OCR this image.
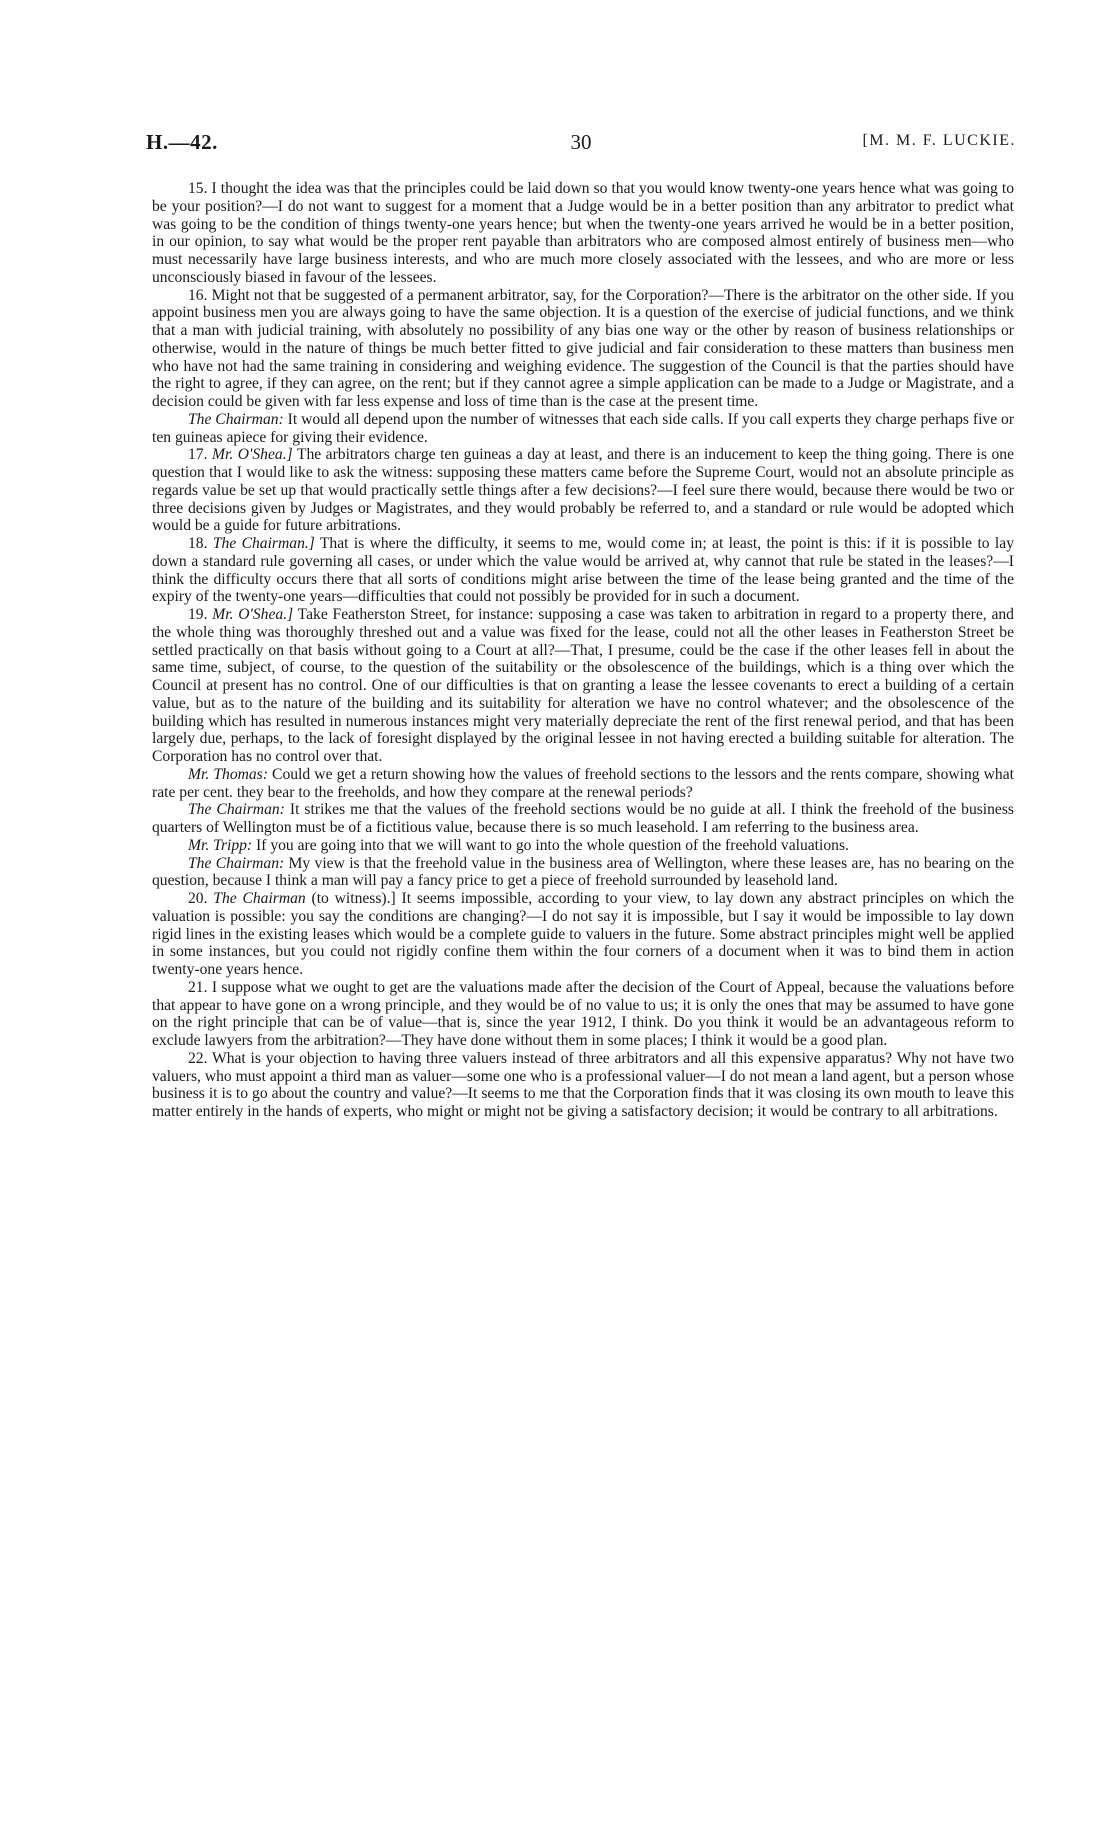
H.—42.	30	[M. M. F. LUCKIE.

15. I thought the idea was that the principles could be laid down so that you would know twenty-one years hence what was going to be your position?—I do not want to suggest for a moment that a Judge would be in a better position than any arbitrator to predict what was going to be the condition of things twenty-one years hence; but when the twenty-one years arrived he would be in a better position, in our opinion, to say what would be the proper rent payable than arbitrators who are composed almost entirely of business men—who must necessarily have large business interests, and who are much more closely associated with the lessees, and who are more or less unconsciously biased in favour of the lessees.

16. Might not that be suggested of a permanent arbitrator, say, for the Corporation?—There is the arbitrator on the other side. If you appoint business men you are always going to have the same objection. It is a question of the exercise of judicial functions, and we think that a man with judicial training, with absolutely no possibility of any bias one way or the other by reason of business relationships or otherwise, would in the nature of things be much better fitted to give judicial and fair consideration to these matters than business men who have not had the same training in considering and weighing evidence. The suggestion of the Council is that the parties should have the right to agree, if they can agree, on the rent; but if they cannot agree a simple application can be made to a Judge or Magistrate, and a decision could be given with far less expense and loss of time than is the case at the present time.

The Chairman: It would all depend upon the number of witnesses that each side calls. If you call experts they charge perhaps five or ten guineas apiece for giving their evidence.

17. Mr. O'Shea.] The arbitrators charge ten guineas a day at least, and there is an inducement to keep the thing going. There is one question that I would like to ask the witness: supposing these matters came before the Supreme Court, would not an absolute principle as regards value be set up that would practically settle things after a few decisions?—I feel sure there would, because there would be two or three decisions given by Judges or Magistrates, and they would probably be referred to, and a standard or rule would be adopted which would be a guide for future arbitrations.

18. The Chairman.] That is where the difficulty, it seems to me, would come in; at least, the point is this: if it is possible to lay down a standard rule governing all cases, or under which the value would be arrived at, why cannot that rule be stated in the leases?—I think the difficulty occurs there that all sorts of conditions might arise between the time of the lease being granted and the time of the expiry of the twenty-one years—difficulties that could not possibly be provided for in such a document.

19. Mr. O'Shea.] Take Featherston Street, for instance: supposing a case was taken to arbitration in regard to a property there, and the whole thing was thoroughly threshed out and a value was fixed for the lease, could not all the other leases in Featherston Street be settled practically on that basis without going to a Court at all?—That, I presume, could be the case if the other leases fell in about the same time, subject, of course, to the question of the suitability or the obsolescence of the buildings, which is a thing over which the Council at present has no control. One of our difficulties is that on granting a lease the lessee covenants to erect a building of a certain value, but as to the nature of the building and its suitability for alteration we have no control whatever; and the obsolescence of the building which has resulted in numerous instances might very materially depreciate the rent of the first renewal period, and that has been largely due, perhaps, to the lack of foresight displayed by the original lessee in not having erected a building suitable for alteration. The Corporation has no control over that.

Mr. Thomas: Could we get a return showing how the values of freehold sections to the lessors and the rents compare, showing what rate per cent. they bear to the freeholds, and how they compare at the renewal periods?

The Chairman: It strikes me that the values of the freehold sections would be no guide at all. I think the freehold of the business quarters of Wellington must be of a fictitious value, because there is so much leasehold. I am referring to the business area.

Mr. Tripp: If you are going into that we will want to go into the whole question of the freehold valuations.

The Chairman: My view is that the freehold value in the business area of Wellington, where these leases are, has no bearing on the question, because I think a man will pay a fancy price to get a piece of freehold surrounded by leasehold land.

20. The Chairman (to witness).] It seems impossible, according to your view, to lay down any abstract principles on which the valuation is possible: you say the conditions are changing?—I do not say it is impossible, but I say it would be impossible to lay down rigid lines in the existing leases which would be a complete guide to valuers in the future. Some abstract principles might well be applied in some instances, but you could not rigidly confine them within the four corners of a document when it was to bind them in action twenty-one years hence.

21. I suppose what we ought to get are the valuations made after the decision of the Court of Appeal, because the valuations before that appear to have gone on a wrong principle, and they would be of no value to us; it is only the ones that may be assumed to have gone on the right principle that can be of value—that is, since the year 1912, I think. Do you think it would be an advantageous reform to exclude lawyers from the arbitration?—They have done without them in some places; I think it would be a good plan.

22. What is your objection to having three valuers instead of three arbitrators and all this expensive apparatus? Why not have two valuers, who must appoint a third man as valuer—some one who is a professional valuer—I do not mean a land agent, but a person whose business it is to go about the country and value?—It seems to me that the Corporation finds that it was closing its own mouth to leave this matter entirely in the hands of experts, who might or might not be giving a satisfactory decision; it would be contrary to all arbitrations.
